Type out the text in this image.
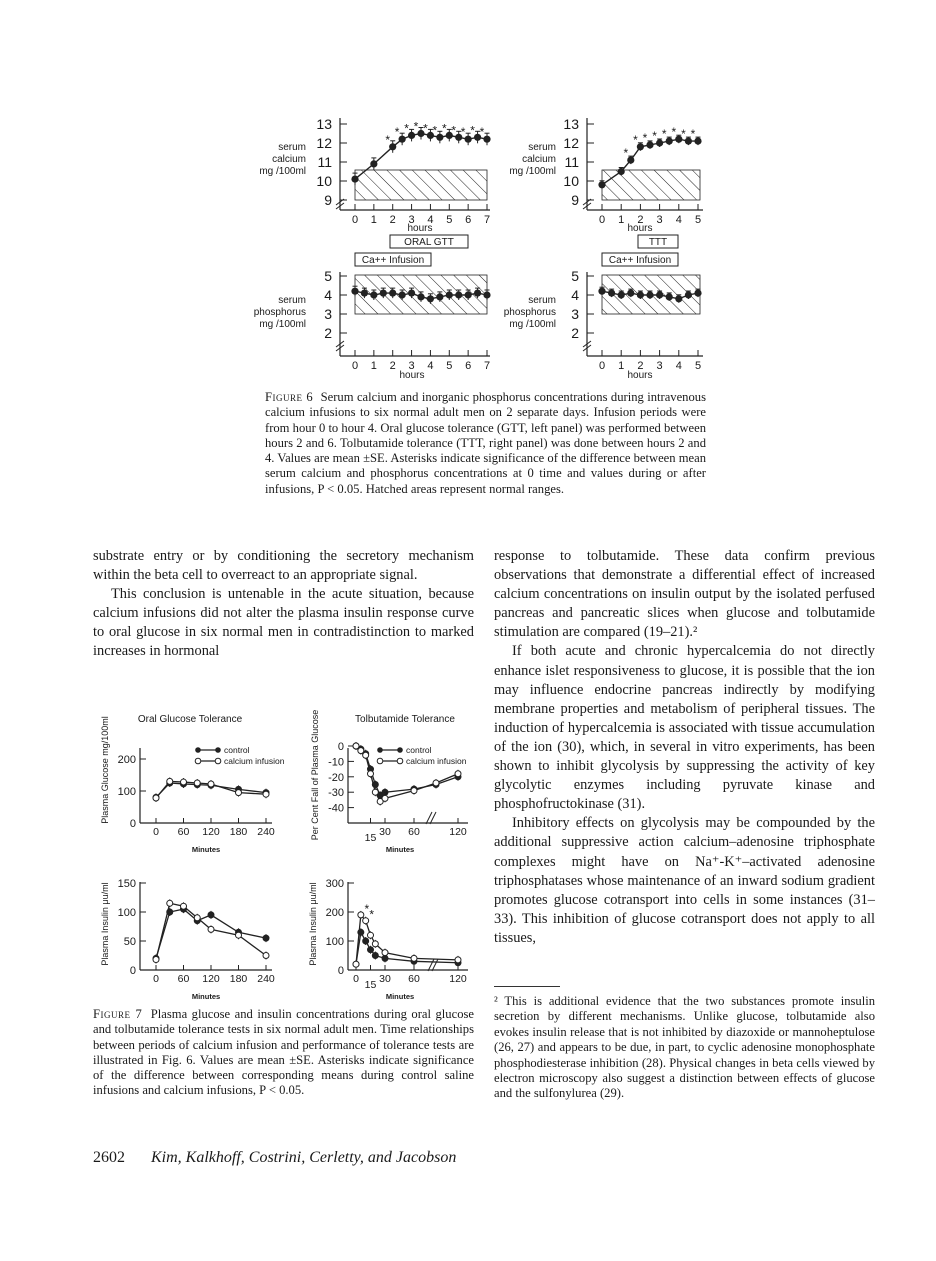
serum
calcium
mg /100ml
13
12
11
10
9
0 1 2 3 4 5 6 7
*
* * * * * * * * * *
hours
ORAL GTT
Ca++ Infusion
serum
phosphorus
mg /100ml
5
4
3
2
0 1 2 3 4 5 6 7
hours
serum
calcium
mg /100ml
13
12
11
10
9
0 1 2 3 4 5
*
* * * * * * *
hours
TTT
Ca++ Infusion
serum
phosphorus
mg /100ml
5
4
3
2
0 1 2 3 4 5
hours
Oral Glucose Tolerance	Tolbutamide Tolerance
Plasma Glucose mg/100ml	Per Cent Fall of Plasma Glucose
Plasma Insulin μu/ml	Plasma Insulin μu/ml
control
calcium infusion
control
calcium infusion
0
100
200
0 60 120 180 240
0
-10
-20
-30
-40
15 30 60	120
0
50
100
150
0 60 120 180 240
0
100
200
300
0 15 30 60	120
*
* *
Minutes	Minutes
Minutes	Minutes
Figure 6 Serum calcium and inorganic phosphorus concentrations during intravenous calcium infusions to six normal adult men on 2 separate days. Infusion periods were from hour 0 to hour 4. Oral glucose tolerance (GTT, left panel) was performed between hours 2 and 6. Tolbutamide tolerance (TTT, right panel) was done between hours 2 and 4. Values are mean ±SE. Asterisks indicate significance of the difference between mean serum calcium and phosphorus concentrations at 0 time and values during or after infusions, P < 0.05. Hatched areas represent normal ranges.

substrate entry or by conditioning the secretory mechanism within the beta cell to overreact to an appropriate signal.

This conclusion is untenable in the acute situation, because calcium infusions did not alter the plasma insulin response curve to oral glucose in six normal men in contradistinction to marked increases in hormonal

Figure 7 Plasma glucose and insulin concentrations during oral glucose and tolbutamide tolerance tests in six normal adult men. Time relationships between periods of calcium infusion and performance of tolerance tests are illustrated in Fig. 6. Values are mean ±SE. Asterisks indicate significance of the difference between corresponding means during control saline infusions and calcium infusions, P < 0.05.

response to tolbutamide. These data confirm previous observations that demonstrate a differential effect of increased calcium concentrations on insulin output by the isolated perfused pancreas and pancreatic slices when glucose and tolbutamide stimulation are compared (19–21).²

If both acute and chronic hypercalcemia do not directly enhance islet responsiveness to glucose, it is possible that the ion may influence endocrine pancreas indirectly by modifying membrane properties and metabolism of peripheral tissues. The induction of hypercalcemia is associated with tissue accumulation of the ion (30), which, in several in vitro experiments, has been shown to inhibit glycolysis by suppressing the activity of key glycolytic enzymes including pyruvate kinase and phosphofructokinase (31).

Inhibitory effects on glycolysis may be compounded by the additional suppressive action calcium–adenosine triphosphate complexes might have on Na⁺-K⁺–activated adenosine triphosphatases whose maintenance of an inward sodium gradient promotes glucose cotransport into cells in some instances (31–33). This inhibition of glucose cotransport does not apply to all tissues,

² This is additional evidence that the two substances promote insulin secretion by different mechanisms. Unlike glucose, tolbutamide also evokes insulin release that is not inhibited by diazoxide or mannoheptulose (26, 27) and appears to be due, in part, to cyclic adenosine monophosphate phosphodiesterase inhibition (28). Physical changes in beta cells viewed by electron microscopy also suggest a distinction between effects of glucose and the sulfonylurea (29).
2602 Kim, Kalkhoff, Costrini, Cerletty, and Jacobson
